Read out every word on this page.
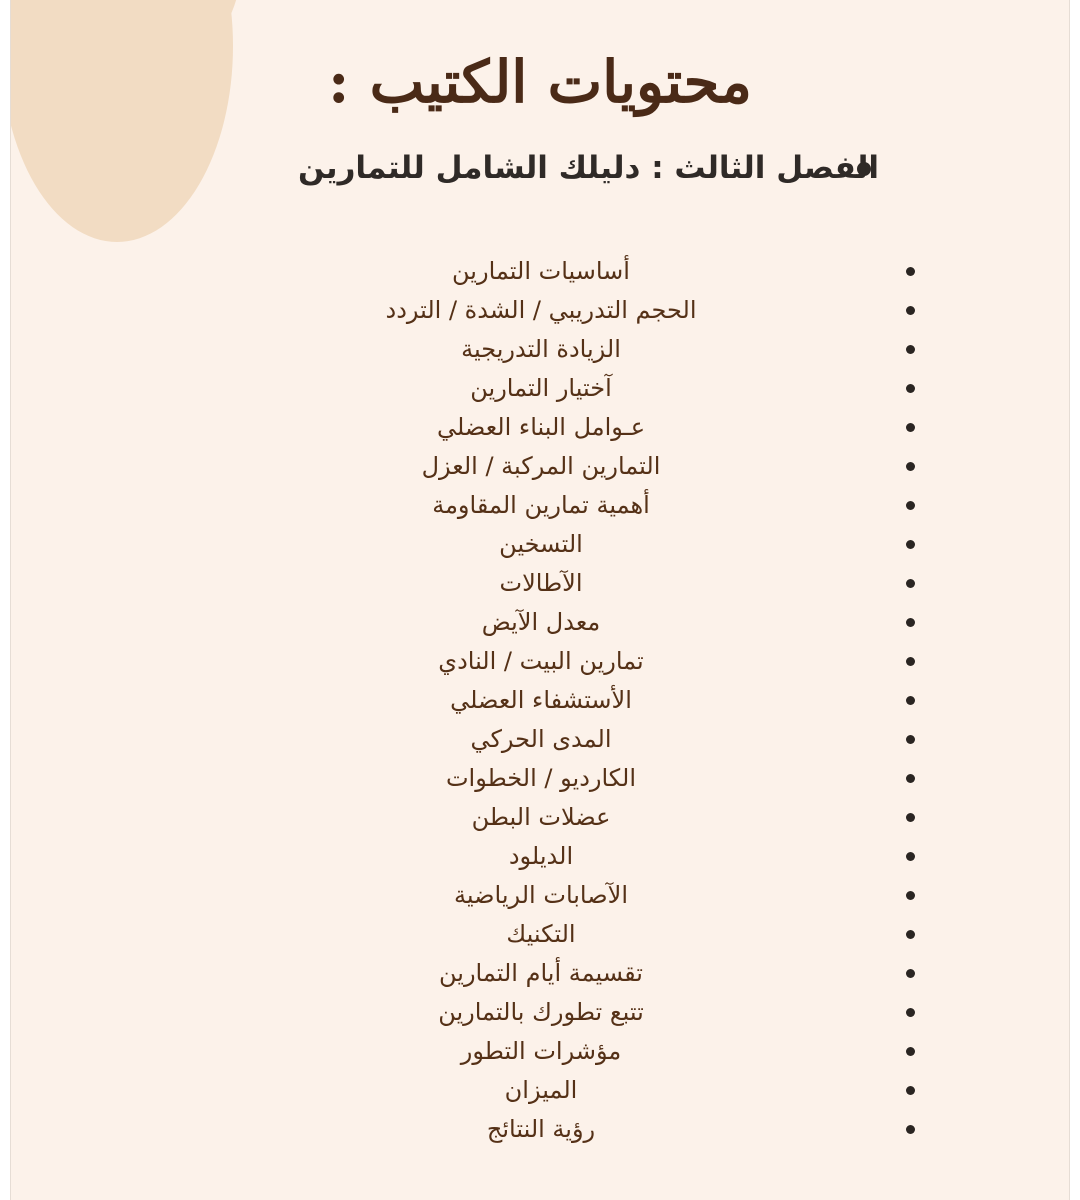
محتويات الكتيب :
الفصل الثالث : دليلك الشامل للتمارين
أساسيات التمارين
الحجم التدريبي / الشدة / التردد
الزيادة التدريجية
آختيار التمارين
عـوامل البناء العضلي
التمارين المركبة / العزل
أهمية تمارين المقاومة
التسخين
الآطالات
معدل الآيض
تمارين البيت / النادي
الأستشفاء العضلي
المدى الحركي
الكارديو / الخطوات
عضلات البطن
الديلود
الآصابات الرياضية
التكنيك
تقسيمة أيام التمارين
تتبع تطورك بالتمارين
مؤشرات التطور
الميزان
رؤية النتائج
